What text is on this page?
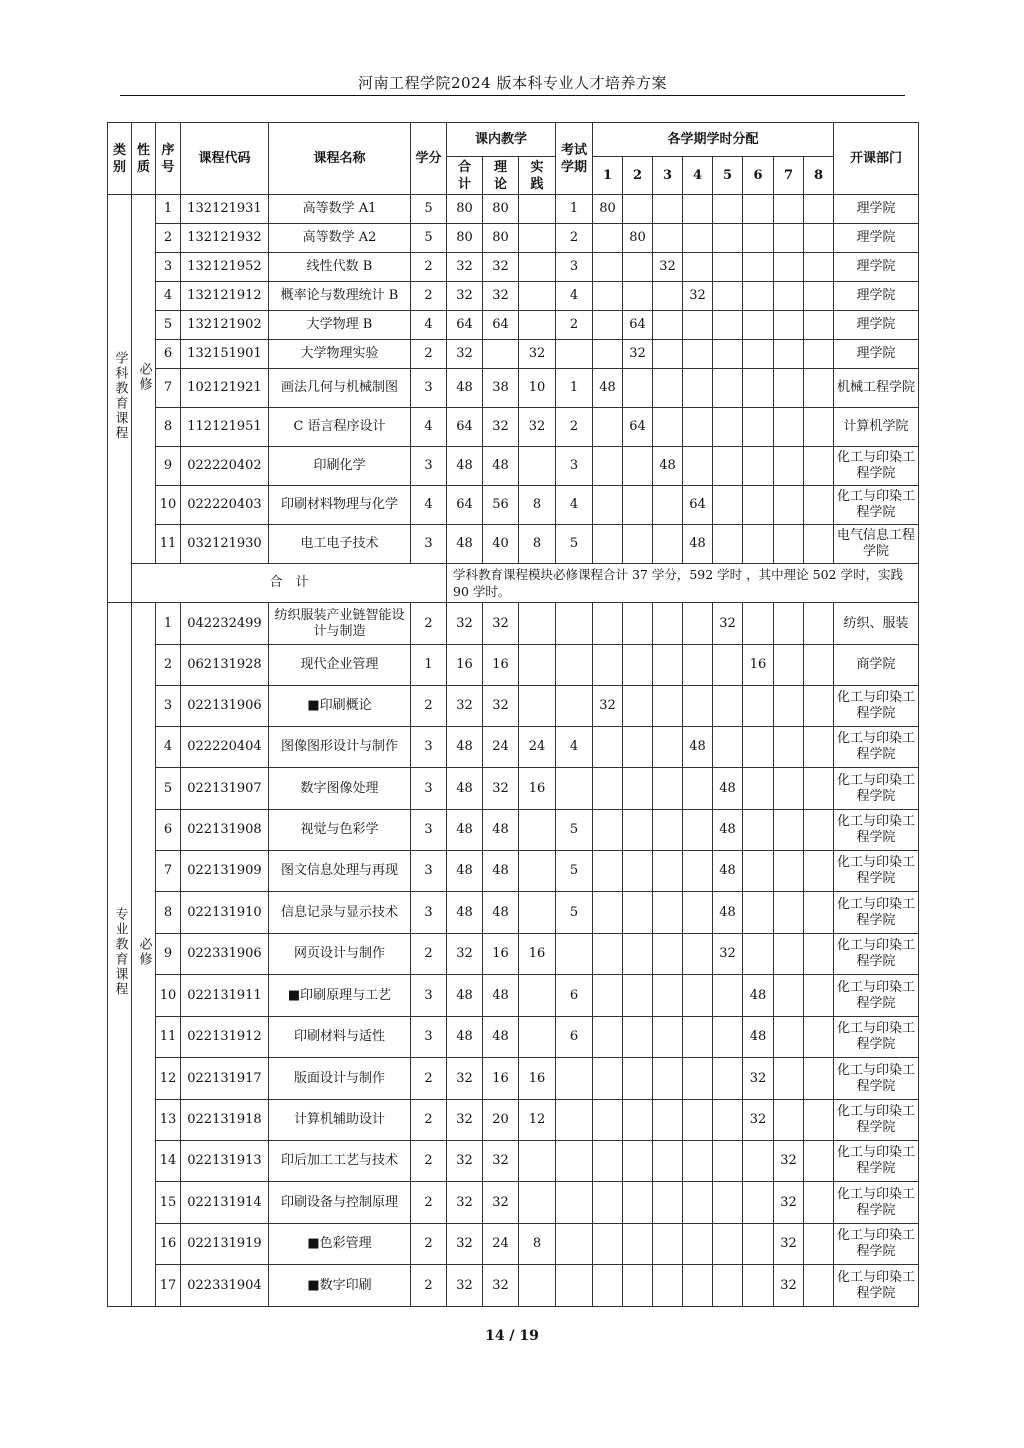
河南工程学院2024 版本科专业人才培养方案
类别	性质	序号	课程代码	课程名称	学分	课内教学			考试学期	各学期学时分配								开课部门
						合计	理论	实践		1	2	3	4	5	6	7	8	
学科教育课程	必修	1	132121931	高等数学 A1	5	80	80		1	80								理学院
		2	132121932	高等数学 A2	5	80	80		2		80							理学院
		3	132121952	线性代数 B	2	32	32		3			32						理学院
		4	132121912	概率论与数理统计 B	2	32	32		4				32					理学院
		5	132121902	大学物理 B	4	64	64		2		64							理学院
		6	132151901	大学物理实验	2	32		32			32							理学院
		7	102121921	画法几何与机械制图	3	48	38	10	1	48								机械工程学院
		8	112121951	C 语言程序设计	4	64	32	32	2		64							计算机学院
		9	022220402	印刷化学	3	48	48		3			48						化工与印染工程学院
		10	022220403	印刷材料物理与化学	4	64	56	8	4				64					化工与印染工程学院
		11	032121930	电工电子技术	3	48	40	8	5				48					电气信息工程学院
	合　计					学科教育课程模块必修课程合计 37 学分，592 学时 ，其中理论 502 学时，实践 90 学时。												
专业教育课程	必修	1	042232499	纺织服装产业链智能设计与制造	2	32	32							32				纺织、服装
		2	062131928	现代企业管理	1	16	16								16			商学院
		3	022131906	■印刷概论	2	32	32			32								化工与印染工程学院
		4	022220404	图像图形设计与制作	3	48	24	24	4				48					化工与印染工程学院
		5	022131907	数字图像处理	3	48	32	16						48				化工与印染工程学院
		6	022131908	视觉与色彩学	3	48	48		5					48				化工与印染工程学院
		7	022131909	图文信息处理与再现	3	48	48		5					48				化工与印染工程学院
		8	022131910	信息记录与显示技术	3	48	48		5					48				化工与印染工程学院
		9	022331906	网页设计与制作	2	32	16	16						32				化工与印染工程学院
		10	022131911	■印刷原理与工艺	3	48	48		6						48			化工与印染工程学院
		11	022131912	印刷材料与适性	3	48	48		6						48			化工与印染工程学院
		12	022131917	版面设计与制作	2	32	16	16							32			化工与印染工程学院
		13	022131918	计算机辅助设计	2	32	20	12							32			化工与印染工程学院
		14	022131913	印后加工工艺与技术	2	32	32									32		化工与印染工程学院
		15	022131914	印刷设备与控制原理	2	32	32									32		化工与印染工程学院
		16	022131919	■色彩管理	2	32	24	8								32		化工与印染工程学院
		17	022331904	■数字印刷	2	32	32									32		化工与印染工程学院
14 / 19
